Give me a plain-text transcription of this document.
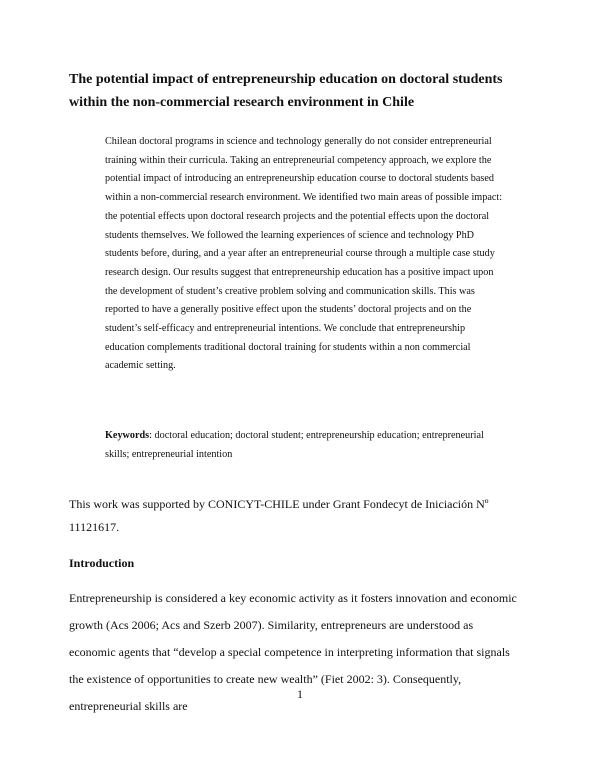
The potential impact of entrepreneurship education on doctoral students within the non-commercial research environment in Chile

Chilean doctoral programs in science and technology generally do not consider entrepreneurial training within their curricula. Taking an entrepreneurial competency approach, we explore the potential impact of introducing an entrepreneurship education course to doctoral students based within a non-commercial research environment. We identified two main areas of possible impact: the potential effects upon doctoral research projects and the potential effects upon the doctoral students themselves. We followed the learning experiences of science and technology PhD students before, during, and a year after an entrepreneurial course through a multiple case study research design. Our results suggest that entrepreneurship education has a positive impact upon the development of student’s creative problem solving and communication skills. This was reported to have a generally positive effect upon the students’ doctoral projects and on the student’s self-efficacy and entrepreneurial intentions. We conclude that entrepreneurship education complements traditional doctoral training for students within a non commercial academic setting.

Keywords: doctoral education; doctoral student; entrepreneurship education; entrepreneurial skills; entrepreneurial intention

This work was supported by CONICYT-CHILE under Grant Fondecyt de Iniciación Nº 11121617.

Introduction

Entrepreneurship is considered a key economic activity as it fosters innovation and economic growth (Acs 2006; Acs and Szerb 2007). Similarity, entrepreneurs are understood as economic agents that “develop a special competence in interpreting information that signals the existence of opportunities to create new wealth” (Fiet 2002: 3). Consequently, entrepreneurial skills are

1
